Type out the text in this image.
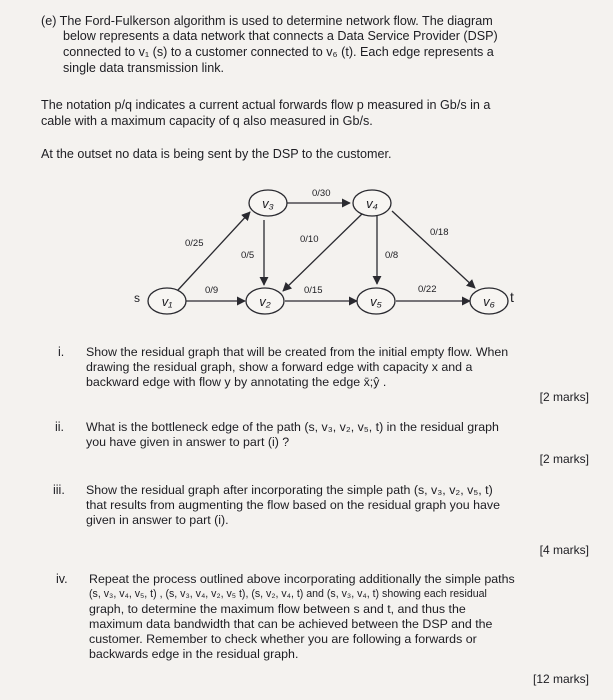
(e) The Ford-Fulkerson algorithm is used to determine network flow. The diagram
below represents a data network that connects a Data Service Provider (DSP)
connected to v₁ (s) to a customer connected to v₆ (t). Each edge represents a
single data transmission link.
The notation p/q indicates a current actual forwards flow p measured in Gb/s in a
cable with a maximum capacity of q also measured in Gb/s.
At the outset no data is being sent by the DSP to the customer.
v₁	v₂
v₃	v₄
v₅	v₆
s	t
0/30
0/25
0/5
0/10
0/8
0/18
0/9	0/15	0/22
i. Show the residual graph that will be created from the initial empty flow. When
drawing the residual graph, show a forward edge with capacity x and a
backward edge with flow y by annotating the edge x̄;ŷ .
[2 marks]
ii. What is the bottleneck edge of the path (s, v₃, v₂, v₅, t) in the residual graph
you have given in answer to part (i) ?
[2 marks]
iii. Show the residual graph after incorporating the simple path (s, v₃, v₂, v₅, t)
that results from augmenting the flow based on the residual graph you have
given in answer to part (i).
[4 marks]
iv. Repeat the process outlined above incorporating additionally the simple paths
(s, v₃, v₄, v₅, t) , (s, v₃, v₄, v₂, v₅ t), (s, v₂, v₄, t) and (s, v₃, v₄, t) showing each residual
graph, to determine the maximum flow between s and t, and thus the
maximum data bandwidth that can be achieved between the DSP and the
customer. Remember to check whether you are following a forwards or
backwards edge in the residual graph.
[12 marks]
